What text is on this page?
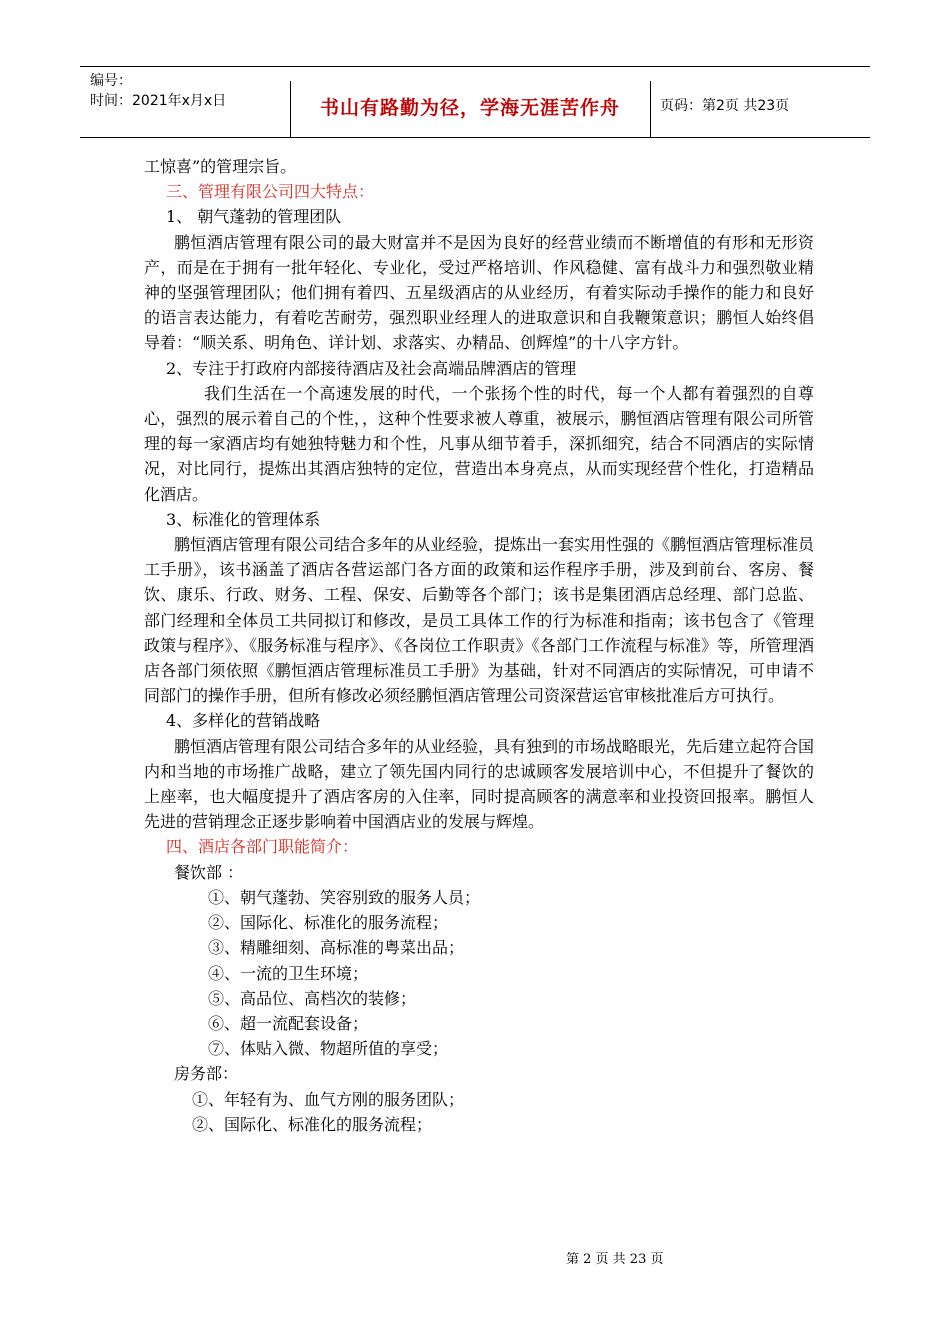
编号：
时间：2021年x月x日	书山有路勤为径，学海无涯苦作舟	页码：第2页 共23页

工惊喜”的管理宗旨。

三、管理有限公司四大特点：

1、 朝气蓬勃的管理团队

鹏恒酒店管理有限公司的最大财富并不是因为良好的经营业绩而不断增值的有形和无形资产，而是在于拥有一批年轻化、专业化，受过严格培训、作风稳健、富有战斗力和强烈敬业精神的坚强管理团队；他们拥有着四、五星级酒店的从业经历，有着实际动手操作的能力和良好的语言表达能力，有着吃苦耐劳，强烈职业经理人的进取意识和自我鞭策意识；鹏恒人始终倡导着：“顺关系、明角色、详计划、求落实、办精品、创辉煌”的十八字方针。

2、专注于打政府内部接待酒店及社会高端品牌酒店的管理

我们生活在一个高速发展的时代，一个张扬个性的时代，每一个人都有着强烈的自尊心，强烈的展示着自己的个性，，这种个性要求被人尊重，被展示，鹏恒酒店管理有限公司所管理的每一家酒店均有她独特魅力和个性，凡事从细节着手，深抓细究，结合不同酒店的实际情况，对比同行，提炼出其酒店独特的定位，营造出本身亮点，从而实现经营个性化，打造精品化酒店。

3、标准化的管理体系

鹏恒酒店管理有限公司结合多年的从业经验，提炼出一套实用性强的《鹏恒酒店管理标准员工手册》，该书涵盖了酒店各营运部门各方面的政策和运作程序手册，涉及到前台、客房、餐饮、康乐、行政、财务、工程、保安、后勤等各个部门；该书是集团酒店总经理、部门总监、部门经理和全体员工共同拟订和修改，是员工具体工作的行为标准和指南；该书包含了《管理政策与程序》、《服务标准与程序》、《各岗位工作职责》《各部门工作流程与标准》等，所管理酒店各部门须依照《鹏恒酒店管理标准员工手册》为基础，针对不同酒店的实际情况，可申请不同部门的操作手册，但所有修改必须经鹏恒酒店管理公司资深营运官审核批准后方可执行。

4、多样化的营销战略

鹏恒酒店管理有限公司结合多年的从业经验，具有独到的市场战略眼光，先后建立起符合国内和当地的市场推广战略，建立了领先国内同行的忠诚顾客发展培训中心，不但提升了餐饮的上座率，也大幅度提升了酒店客房的入住率，同时提高顾客的满意率和业投资回报率。鹏恒人先进的营销理念正逐步影响着中国酒店业的发展与辉煌。

四、酒店各部门职能简介：

餐饮部 ：

①、朝气蓬勃、笑容别致的服务人员；

②、国际化、标准化的服务流程；

③、精雕细刻、高标准的粤菜出品；

④、一流的卫生环境；

⑤、高品位、高档次的装修；

⑥、超一流配套设备；

⑦、体贴入微、物超所值的享受；

房务部：

①、年轻有为、血气方刚的服务团队；

②、国际化、标准化的服务流程；

第 2 页 共 23 页
